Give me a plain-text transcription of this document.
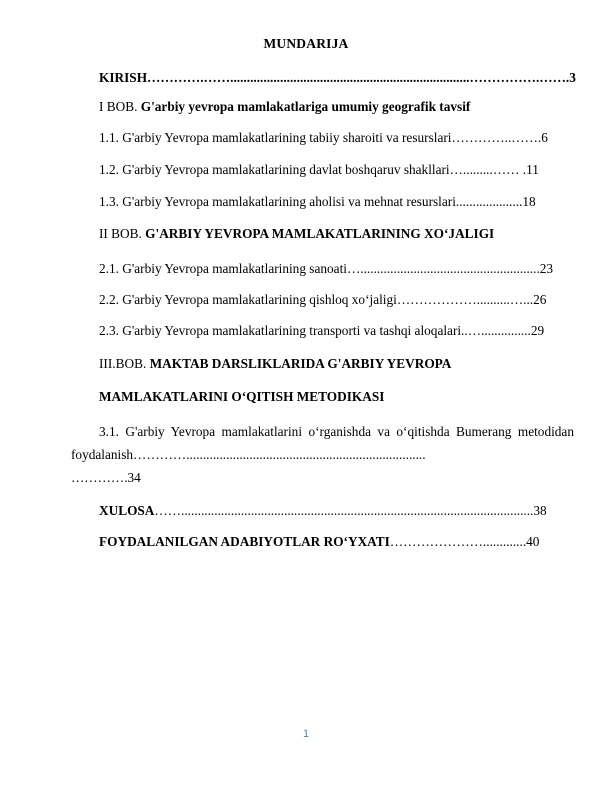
MUNDARIJA
KIRISH………….……........................................................................…………….…….3
I BOB. G'arbiy yevropa mamlakatlariga umumiy geografik tavsif
1.1. G'arbiy Yevropa mamlakatlarining tabiiy sharoiti va resurslari…………..…….6
1.2. G'arbiy Yevropa mamlakatlarining davlat boshqaruv shakllari….........…… .11
1.3. G'arbiy Yevropa mamlakatlarining aholisi va mehnat resurslari....................18
II BOB. G'ARBIY YEVROPA MAMLAKATLARINING XO‘JALIGI
2.1. G'arbiy Yevropa mamlakatlarining sanoati…......................................................23
2.2. G'arbiy Yevropa mamlakatlarining qishloq xo‘jaligi………………..........…...26
2.3. G'arbiy Yevropa mamlakatlarining transporti va tashqi aloqalari..…...............29
III.BOB. MAKTAB DARSLIKLARIDA G'ARBIY YEVROPA
MAMLAKATLARINI O‘QITISH METODIKASI
3.1. G'arbiy Yevropa mamlakatlarini o‘rganishda va o‘qitishda Bumerang metodidan foydalanish…………........................................................................
………….34
XULOSA……..........................................................................................................38
FOYDALANILGAN ADABIYOTLAR RO‘YXATI………………….............40
1
